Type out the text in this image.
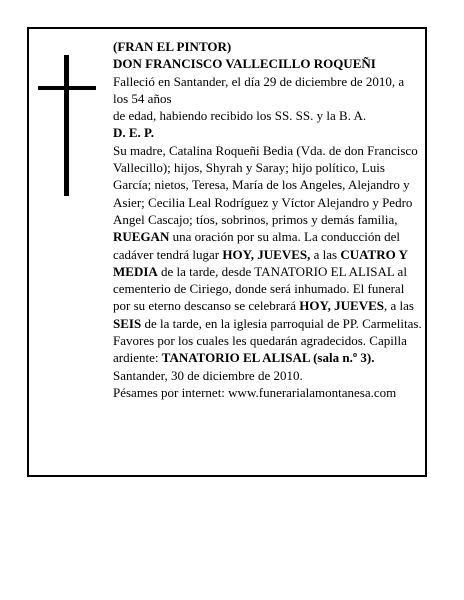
(FRAN EL PINTOR)

DON FRANCISCO VALLECILLO ROQUEÑI

Falleció en Santander, el día 29 de diciembre de 2010, a

los 54 años

de edad, habiendo recibido los SS. SS. y la B. A.

D. E. P.

Su madre, Catalina Roqueñi Bedia (Vda. de don Francisco Vallecillo); hijos, Shyrah y Saray; hijo político, Luis García; nietos, Teresa, María de los Angeles, Alejandro y Asier; Cecilia Leal Rodríguez y Víctor Alejandro y Pedro Angel Cascajo; tíos, sobrinos, primos y demás familia,

RUEGAN una oración por su alma. La conducción del cadáver tendrá lugar HOY, JUEVES, a las CUATRO Y MEDIA de la tarde, desde TANATORIO EL ALISAL al cementerio de Ciriego, donde será inhumado. El funeral por su eterno descanso se celebrará HOY, JUEVES, a las SEIS de la tarde, en la iglesia parroquial de PP. Carmelitas. Favores por los cuales les quedarán agradecidos. Capilla ardiente: TANATORIO EL ALISAL (sala n.º 3).

Santander, 30 de diciembre de 2010.

Pésames por internet: www.funerarialamontanesa.com
